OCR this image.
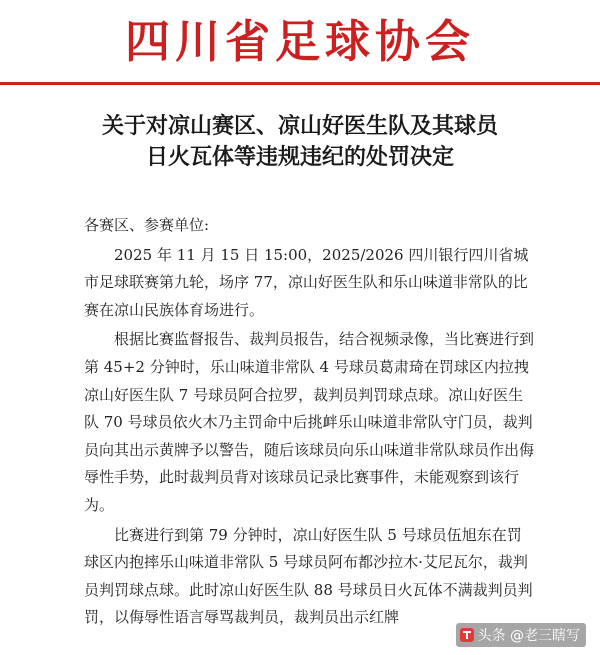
四川省足球协会
关于对凉山赛区、凉山好医生队及其球员
日火瓦体等违规违纪的处罚决定

各赛区、参赛单位:

2025 年 11 月 15 日 15:00，2025/2026 四川银行四川省城市足球联赛第九轮，场序 77，凉山好医生队和乐山味道非常队的比赛在凉山民族体育场进行。

根据比赛监督报告、裁判员报告，结合视频录像，当比赛进行到第 45+2 分钟时，乐山味道非常队 4 号球员葛肃琦在罚球区内拉拽凉山好医生队 7 号球员阿合拉罗，裁判员判罚球点球。凉山好医生队 70 号球员依火木乃主罚命中后挑衅乐山味道非常队守门员，裁判员向其出示黄牌予以警告，随后该球员向乐山味道非常队球员作出侮辱性手势，此时裁判员背对该球员记录比赛事件，未能观察到该行为。

比赛进行到第 79 分钟时，凉山好医生队 5 号球员伍旭东在罚球区内抱摔乐山味道非常队 5 号球员阿布都沙拉木·艾尼瓦尔，裁判员判罚球点球。此时凉山好医生队 88 号球员日火瓦体不满裁判员判罚，以侮辱性语言辱骂裁判员，裁判员出示红牌

头条 @老三瞎写
